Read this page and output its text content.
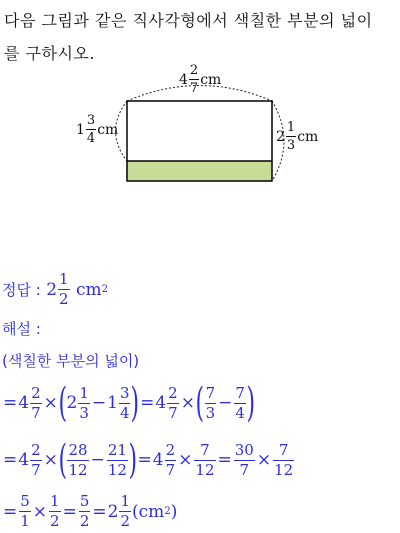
다음 그림과 같은 직사각형에서 색칠한 부분의 넓이
를 구하시오.
$4 \frac{2}{7}$ cm
$1 \frac{3}{4}$ cm	$2 \frac{1}{3}$ cm
정답 :
$2 \frac{1}{2}$
cm 2
해설 :
(색칠한 부분의 넓이)
= $4 \frac{2}{7}$ × ( $2 \frac{1}{3} - 1 \frac{3}{4}$ ) = $4 \frac{2}{7}$ × ( $\frac{7}{3} - \frac{7}{4}$ )
= $4 \frac{2}{7}$ × ( $\frac{28}{12} - \frac{21}{12}$ ) = $4 \frac{2}{7} \times \frac{7}{12} = \frac{30}{7} \times \frac{7}{12}$
= $\frac{5}{1} \times \frac{1}{2} = \frac{5}{2} = 2 \frac{1}{2}$ ( cm 2 )
